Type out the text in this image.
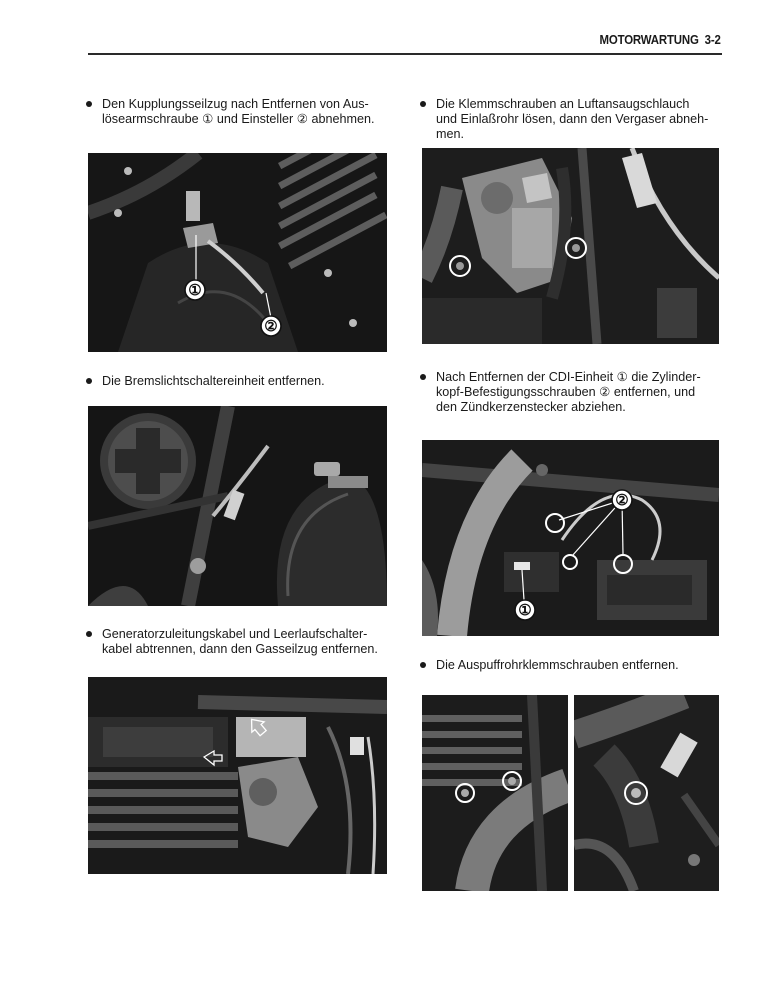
MOTORWARTUNG 3-2
Den Kupplungsseilzug nach Entfernen von Aus-
lösearmschraube ① und Einsteller ② abnehmen.
①
②
Die Klemmschrauben an Luftansaugschlauch
und Einlaßrohr lösen, dann den Vergaser abneh-
men.
Die Bremslichtschaltereinheit entfernen.	Nach Entfernen der CDI-Einheit ① die Zylinder-
kopf-Befestigungsschrauben ② entfernen, und
den Zündkerzenstecker abziehen.
②
①
Generatorzuleitungskabel und Leerlaufschalter-
kabel abtrennen, dann den Gasseilzug entfernen.
Die Auspuffrohrklemmschrauben entfernen.
